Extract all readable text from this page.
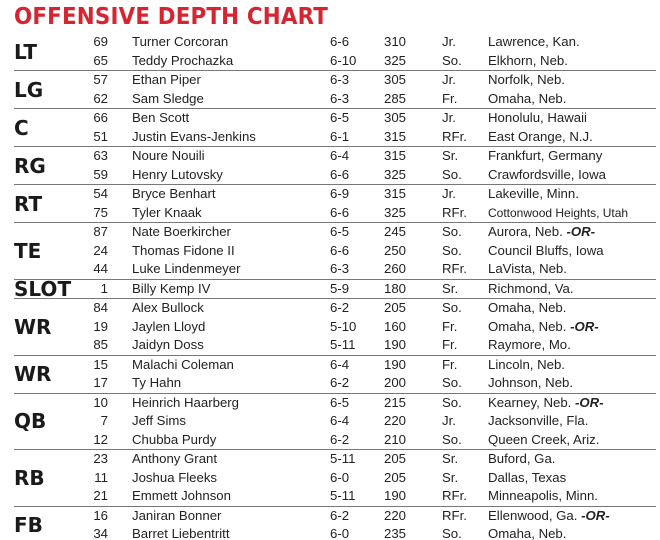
OFFENSIVE DEPTH CHART
LT	69 Turner Corcoran	6-6	310	Jr. Lawrence, Kan.
65 Teddy Prochazka	6-10 325	So. Elkhorn, Neb.
LG	57 Ethan Piper	6-3	305	Jr. Norfolk, Neb.
62 Sam Sledge	6-3	285	Fr. Omaha, Neb.
C	66 Ben Scott	6-5	305	Jr. Honolulu, Hawaii
51 Justin Evans-Jenkins	6-1	315	RFr. East Orange, N.J.
RG	63 Noure Nouili	6-4	315	Sr. Frankfurt, Germany
59 Henry Lutovsky	6-6	325	So. Crawfordsville, Iowa
RT	54 Bryce Benhart	6-9	315	Jr. Lakeville, Minn.
75 Tyler Knaak	6-6	325	RFr. Cottonwood Heights, Utah
TE
87 Nate Boerkircher	6-5	245	So. Aurora, Neb. -OR-
24 Thomas Fidone II	6-6	250	So. Council Bluffs, Iowa
44 Luke Lindenmeyer	6-3	260	RFr. LaVista, Neb.
SLOT	1 Billy Kemp IV	5-9	180	Sr. Richmond, Va.
WR
84 Alex Bullock	6-2	205	So. Omaha, Neb.
19 Jaylen Lloyd	5-10 160	Fr. Omaha, Neb. -OR-
85 Jaidyn Doss	5-11 190	Fr. Raymore, Mo.
WR	15 Malachi Coleman	6-4	190	Fr. Lincoln, Neb.
17 Ty Hahn	6-2	200	So. Johnson, Neb.
QB
10 Heinrich Haarberg	6-5	215	So. Kearney, Neb. -OR-
7 Jeff Sims	6-4	220	Jr. Jacksonville, Fla.
12 Chubba Purdy	6-2	210	So. Queen Creek, Ariz.
RB
23 Anthony Grant	5-11 205	Sr. Buford, Ga.
11 Joshua Fleeks	6-0	205	Sr. Dallas, Texas
21 Emmett Johnson	5-11 190	RFr. Minneapolis, Minn.
FB	16 Janiran Bonner	6-2	220	RFr. Ellenwood, Ga. -OR-
34 Barret Liebentritt	6-0	235	So. Omaha, Neb.
